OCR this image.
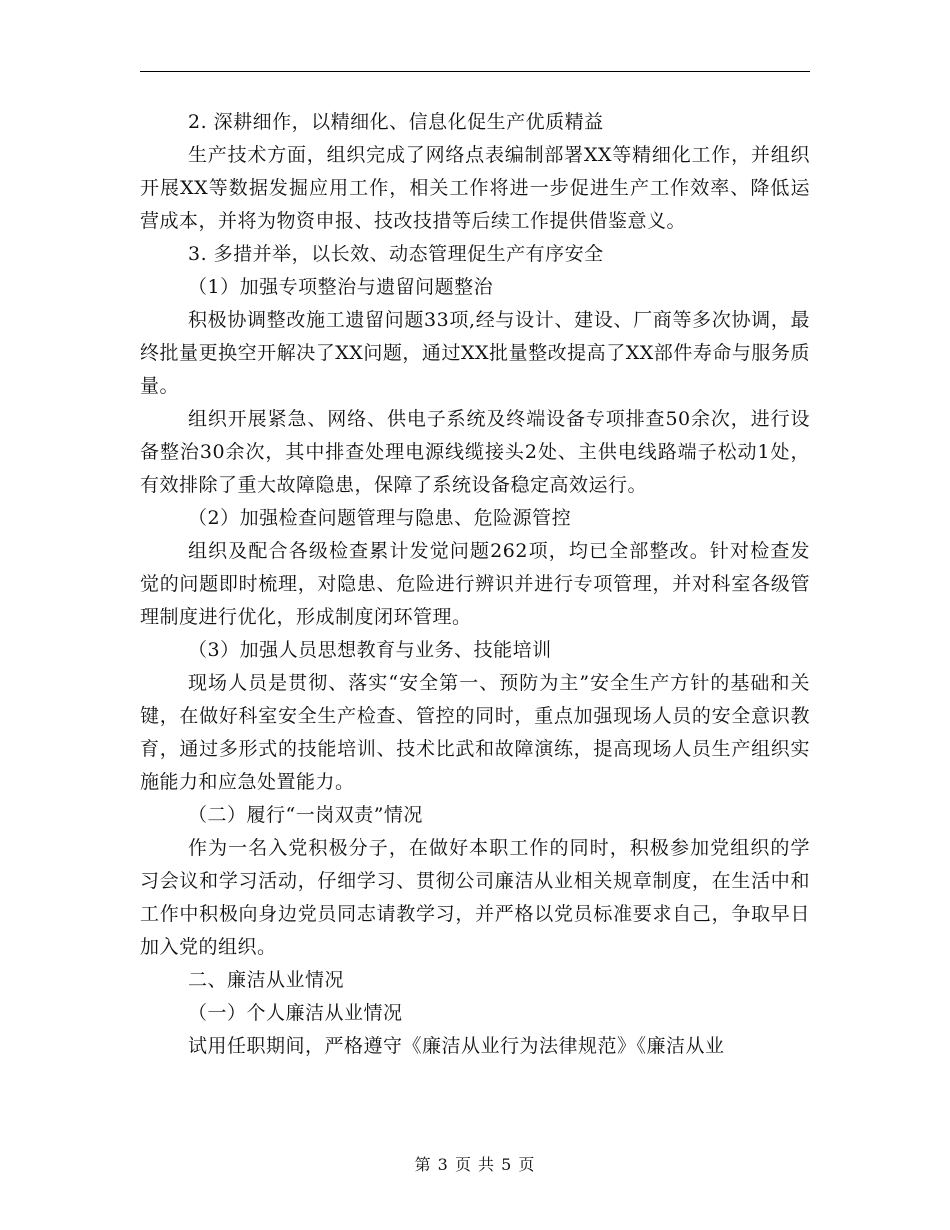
2. 深耕细作，以精细化、信息化促生产优质精益

生产技术方面，组织完成了网络点表编制部署XX等精细化工作，并组织开展XX等数据发掘应用工作，相关工作将进一步促进生产工作效率、降低运营成本，并将为物资申报、技改技措等后续工作提供借鉴意义。

3. 多措并举，以长效、动态管理促生产有序安全

（1）加强专项整治与遗留问题整治

积极协调整改施工遗留问题33项,经与设计、建设、厂商等多次协调，最终批量更换空开解决了XX问题，通过XX批量整改提高了XX部件寿命与服务质量。

组织开展紧急、网络、供电子系统及终端设备专项排查50余次，进行设备整治30余次，其中排查处理电源线缆接头2处、主供电线路端子松动1处，有效排除了重大故障隐患，保障了系统设备稳定高效运行。

（2）加强检查问题管理与隐患、危险源管控

组织及配合各级检查累计发觉问题262项，均已全部整改。针对检查发觉的问题即时梳理，对隐患、危险进行辨识并进行专项管理，并对科室各级管理制度进行优化，形成制度闭环管理。

（3）加强人员思想教育与业务、技能培训

现场人员是贯彻、落实“安全第一、预防为主”安全生产方针的基础和关键，在做好科室安全生产检查、管控的同时，重点加强现场人员的安全意识教育，通过多形式的技能培训、技术比武和故障演练，提高现场人员生产组织实施能力和应急处置能力。

（二）履行“一岗双责”情况

作为一名入党积极分子，在做好本职工作的同时，积极参加党组织的学习会议和学习活动，仔细学习、贯彻公司廉洁从业相关规章制度，在生活中和工作中积极向身边党员同志请教学习，并严格以党员标准要求自己，争取早日加入党的组织。

二、廉洁从业情况

（一）个人廉洁从业情况

试用任职期间，严格遵守《廉洁从业行为法律规范》《廉洁从业

第 3 页 共 5 页
